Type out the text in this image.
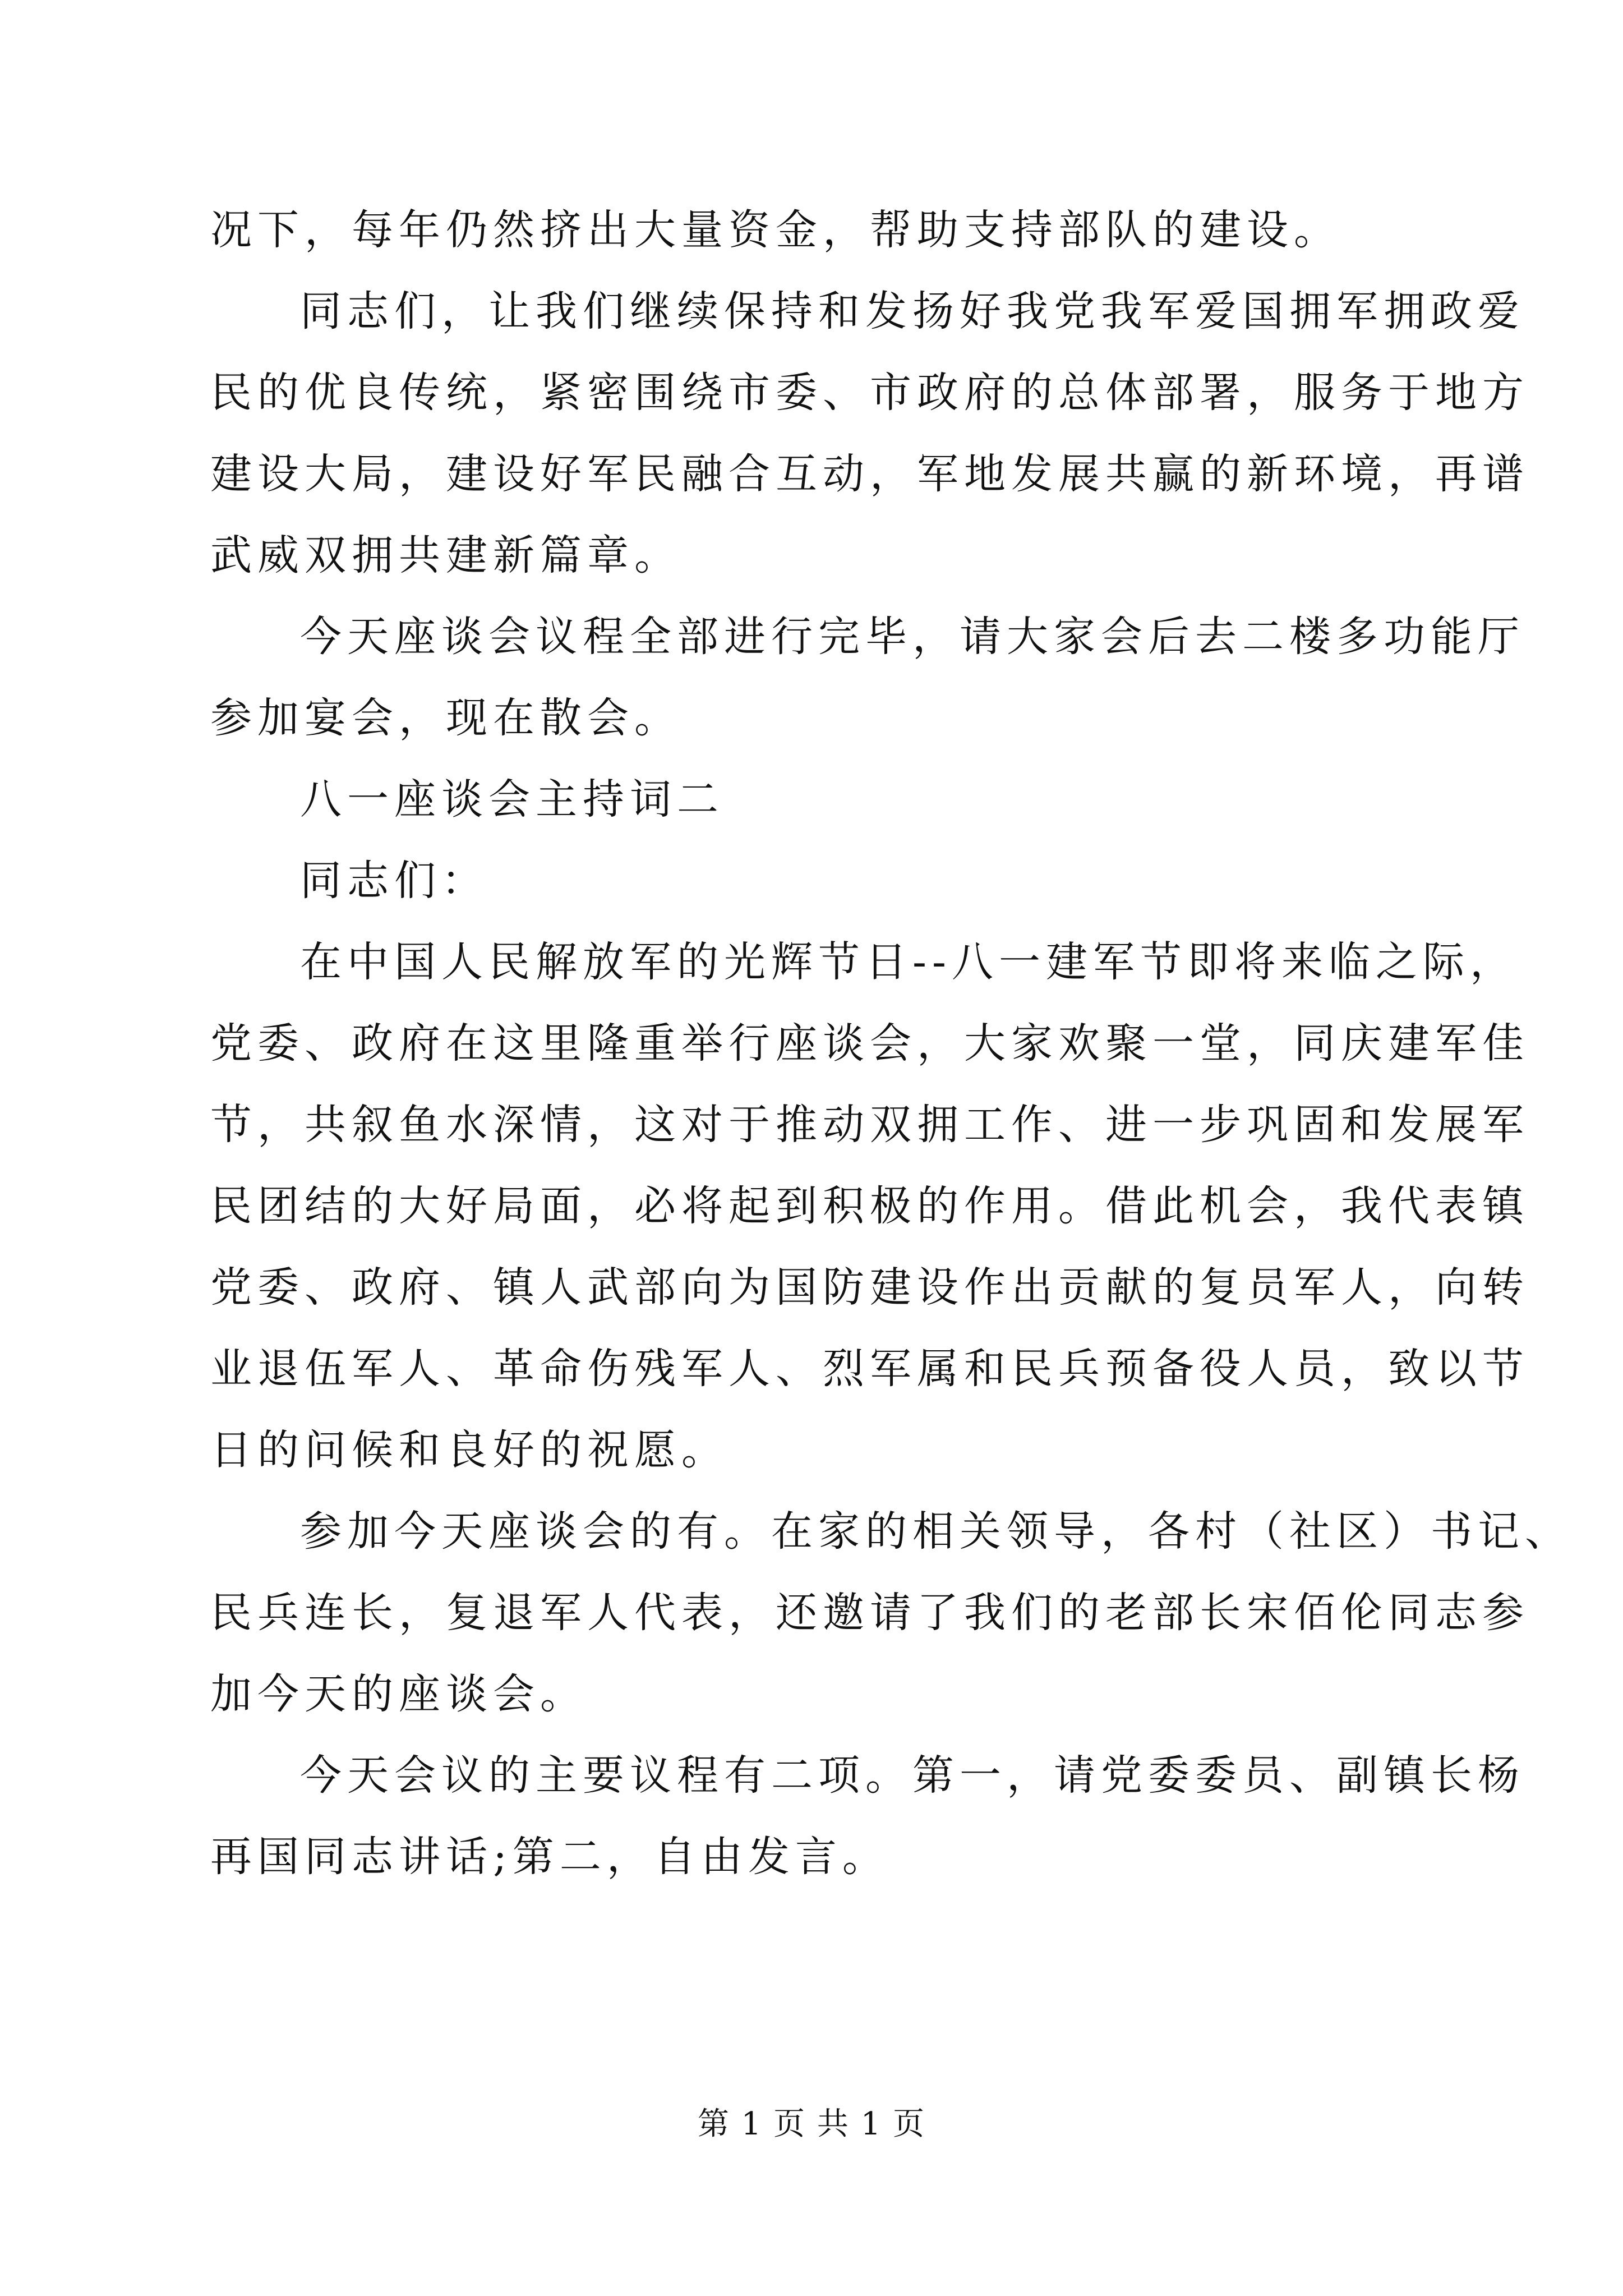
况下，每年仍然挤出大量资金，帮助支持部队的建设。
同志们，让我们继续保持和发扬好我党我军爱国拥军拥政爱
民的优良传统，紧密围绕市委、市政府的总体部署，服务于地方
建设大局，建设好军民融合互动，军地发展共赢的新环境，再谱
武威双拥共建新篇章。
今天座谈会议程全部进行完毕，请大家会后去二楼多功能厅
参加宴会，现在散会。
八一座谈会主持词二
同志们：
在中国人民解放军的光辉节日--八一建军节即将来临之际，
党委、政府在这里隆重举行座谈会，大家欢聚一堂，同庆建军佳
节，共叙鱼水深情，这对于推动双拥工作、进一步巩固和发展军
民团结的大好局面，必将起到积极的作用。借此机会，我代表镇
党委、政府、镇人武部向为国防建设作出贡献的复员军人，向转
业退伍军人、革命伤残军人、烈军属和民兵预备役人员，致以节
日的问候和良好的祝愿。
参加今天座谈会的有。在家的相关领导，各村（社区）书记、
民兵连长，复退军人代表，还邀请了我们的老部长宋佰伦同志参
加今天的座谈会。
今天会议的主要议程有二项。第一，请党委委员、副镇长杨
再国同志讲话;第二，自由发言。
第 1 页 共 1 页
